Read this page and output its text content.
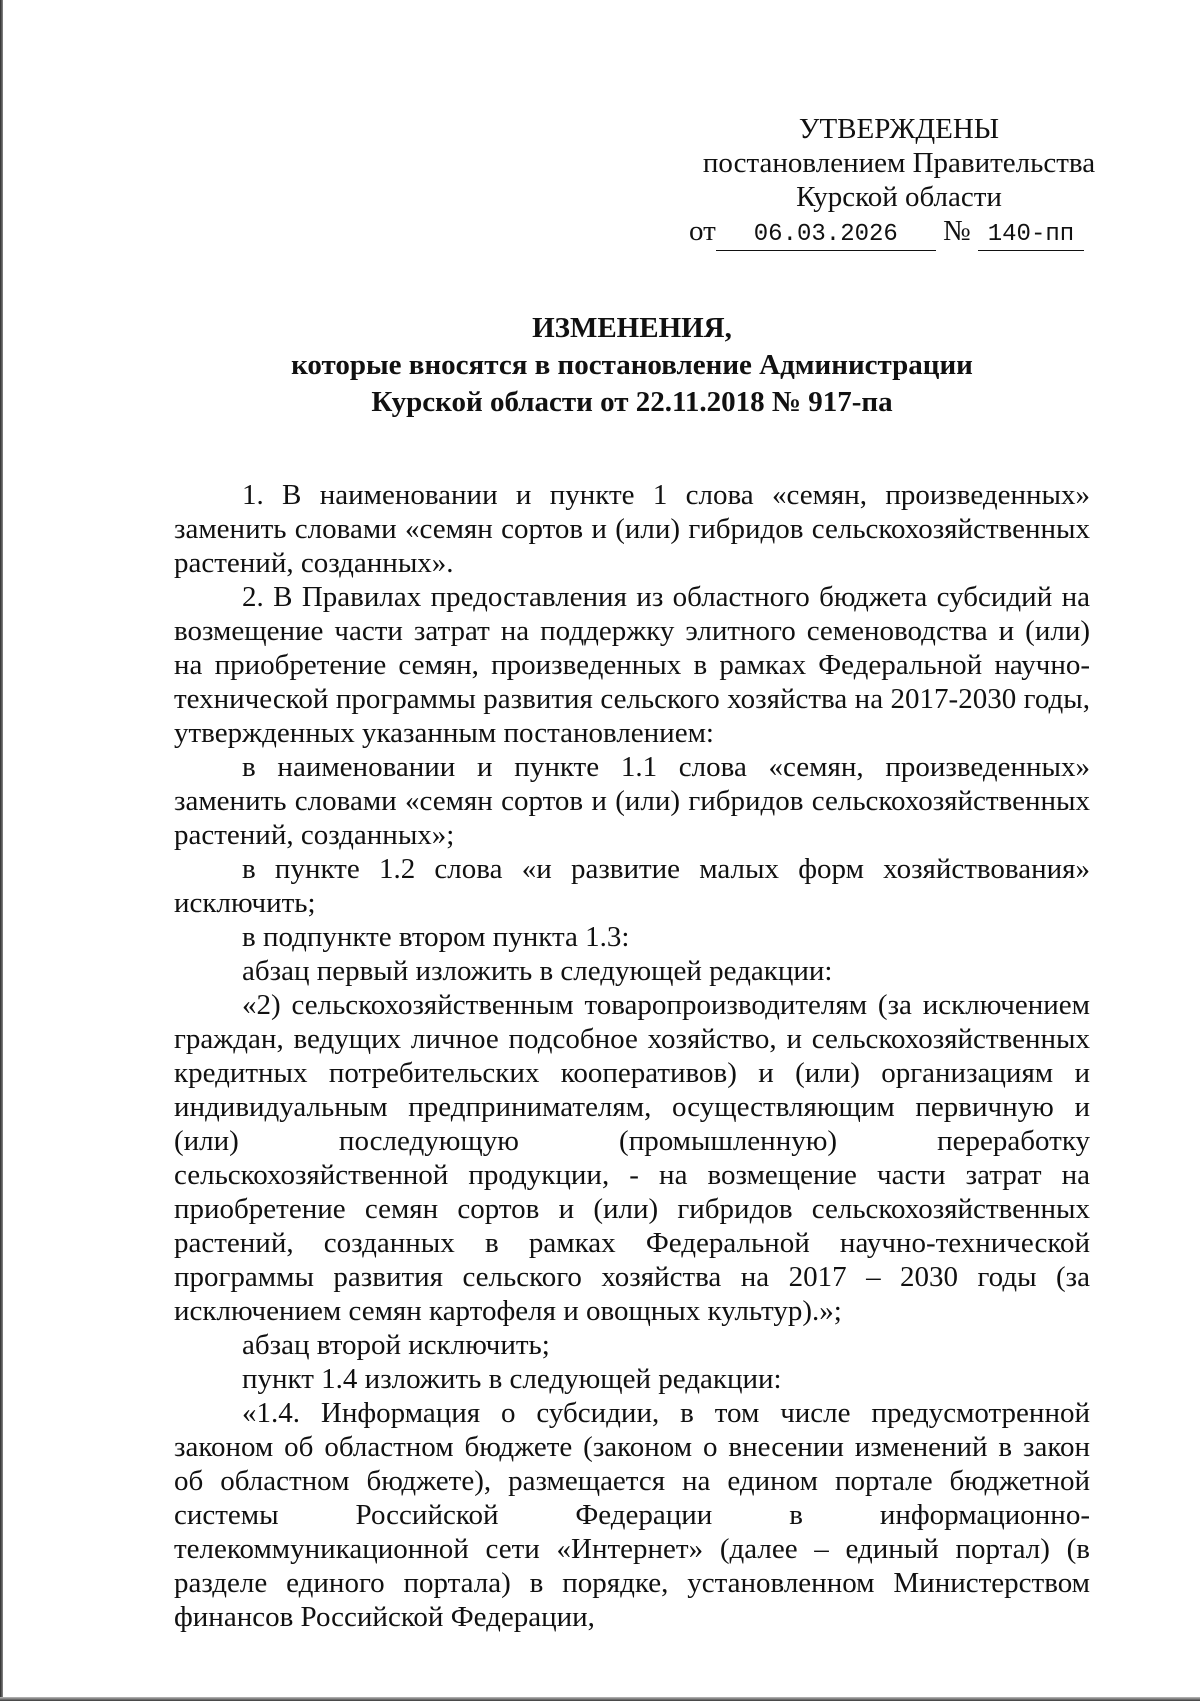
УТВЕРЖДЕНЫ
постановлением Правительства
Курской области
от 06.03.2026 № 140-пп
ИЗМЕНЕНИЯ,
которые вносятся в постановление Администрации
Курской области от 22.11.2018 № 917-па

1. В наименовании и пункте 1 слова «семян, произведенных» заменить словами «семян сортов и (или) гибридов сельскохозяйственных растений, созданных».

2. В Правилах предоставления из областного бюджета субсидий на возмещение части затрат на поддержку элитного семеноводства и (или) на приобретение семян, произведенных в рамках Федеральной научно-технической программы развития сельского хозяйства на 2017-2030 годы, утвержденных указанным постановлением:

в наименовании и пункте 1.1 слова «семян, произведенных» заменить словами «семян сортов и (или) гибридов сельскохозяйственных растений, созданных»;

в пункте 1.2 слова «и развитие малых форм хозяйствования» исключить;

в подпункте втором пункта 1.3:

абзац первый изложить в следующей редакции:

«2) сельскохозяйственным товаропроизводителям (за исключением граждан, ведущих личное подсобное хозяйство, и сельскохозяйственных кредитных потребительских кооперативов) и (или) организациям и индивидуальным предпринимателям, осуществляющим первичную и (или) последующую (промышленную) переработку сельскохозяйственной продукции, - на возмещение части затрат на приобретение семян сортов и (или) гибридов сельскохозяйственных растений, созданных в рамках Федеральной научно-технической программы развития сельского хозяйства на 2017 – 2030 годы (за исключением семян картофеля и овощных культур).»;

абзац второй исключить;

пункт 1.4 изложить в следующей редакции:

«1.4. Информация о субсидии, в том числе предусмотренной законом об областном бюджете (законом о внесении изменений в закон об областном бюджете), размещается на едином портале бюджетной системы Российской Федерации в информационно-телекоммуникационной сети «Интернет» (далее – единый портал) (в разделе единого портала) в порядке, установленном Министерством финансов Российской Федерации,
